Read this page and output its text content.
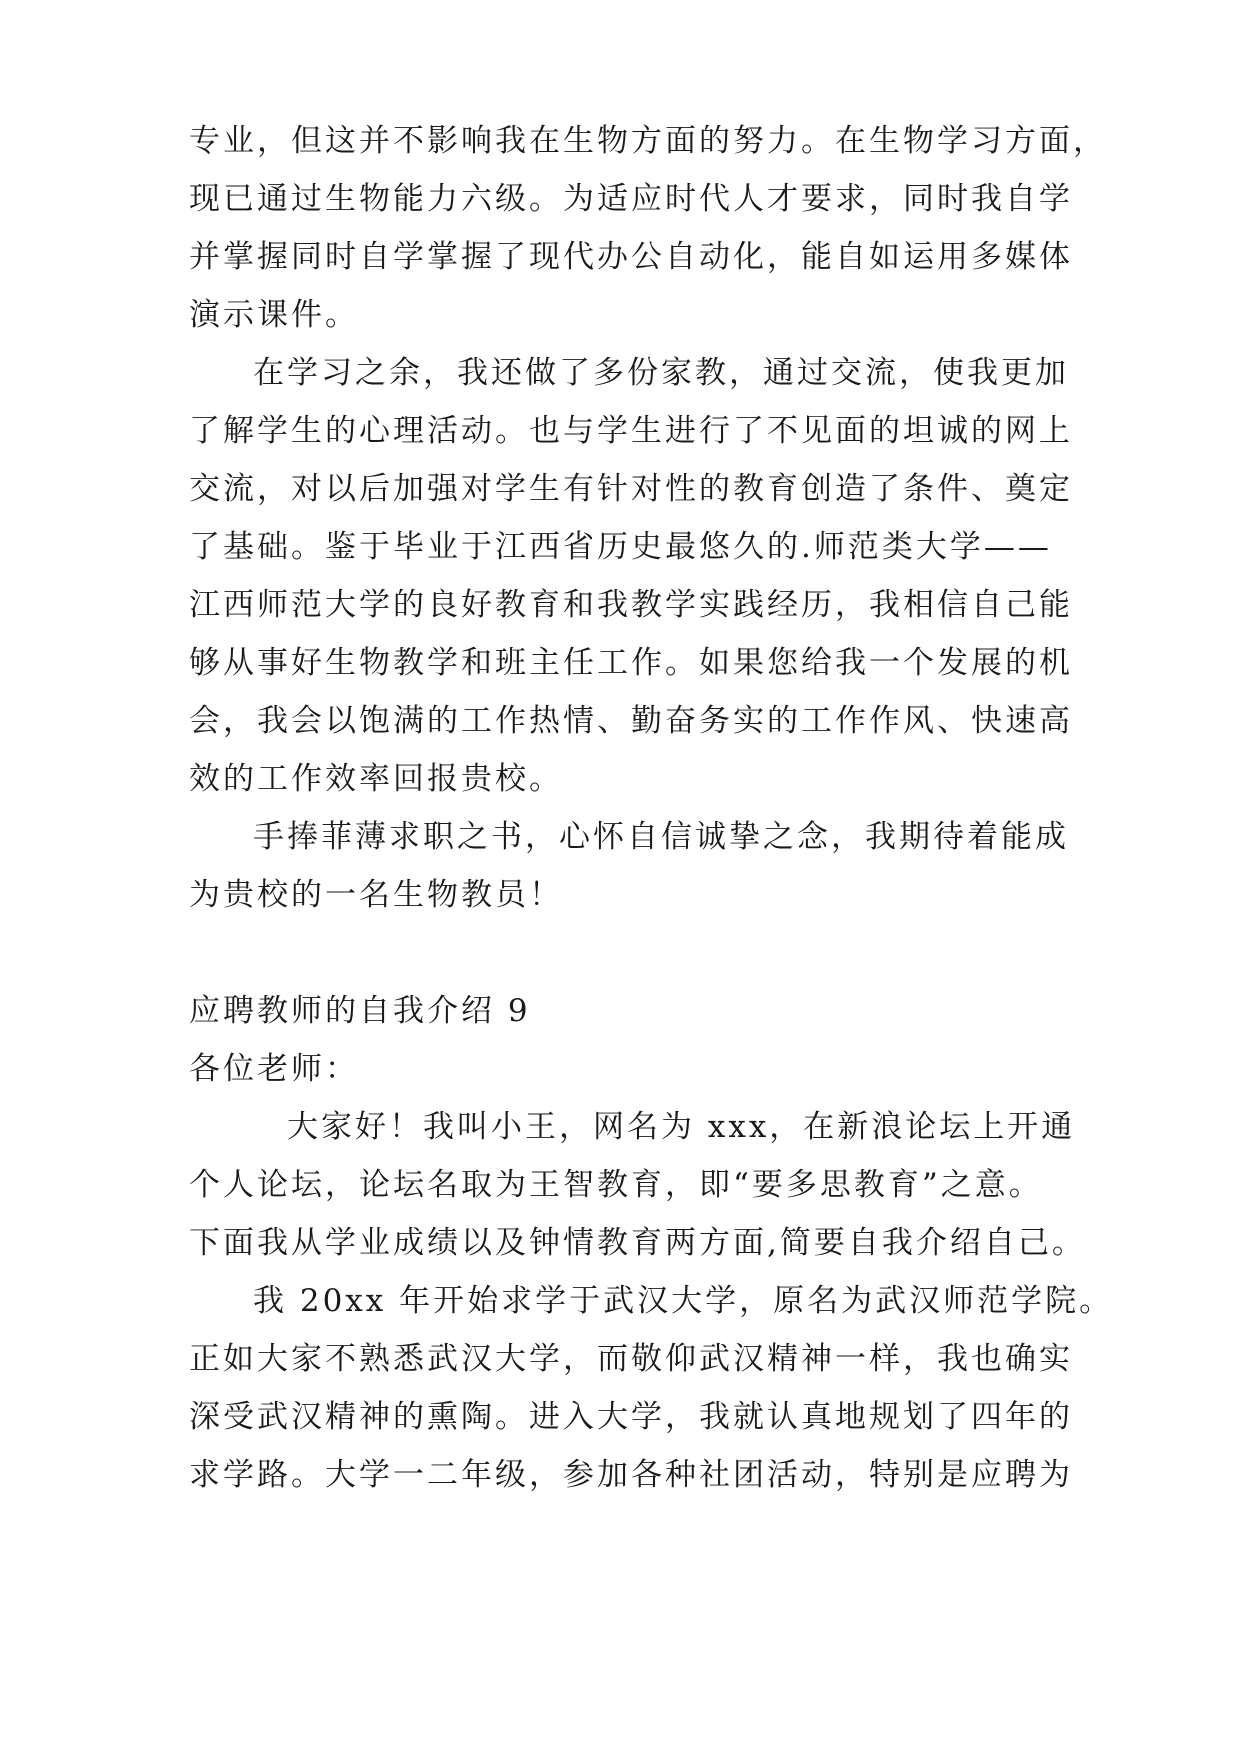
专业，但这并不影响我在生物方面的努力。在生物学习方面，
现已通过生物能力六级。为适应时代人才要求，同时我自学
并掌握同时自学掌握了现代办公自动化，能自如运用多媒体
演示课件。
在学习之余，我还做了多份家教，通过交流，使我更加
了解学生的心理活动。也与学生进行了不见面的坦诚的网上
交流，对以后加强对学生有针对性的教育创造了条件、奠定
了基础。鉴于毕业于江西省历史最悠久的.师范类大学——
江西师范大学的良好教育和我教学实践经历，我相信自己能
够从事好生物教学和班主任工作。如果您给我一个发展的机
会，我会以饱满的工作热情、勤奋务实的工作作风、快速高
效的工作效率回报贵校。
手捧菲薄求职之书，心怀自信诚挚之念，我期待着能成
为贵校的一名生物教员！
应聘教师的自我介绍 9
各位老师：
大家好！我叫小王，网名为 xxx，在新浪论坛上开通
个人论坛，论坛名取为王智教育，即“要多思教育”之意。
下面我从学业成绩以及钟情教育两方面,简要自我介绍自己。
我 20xx 年开始求学于武汉大学，原名为武汉师范学院。
正如大家不熟悉武汉大学，而敬仰武汉精神一样，我也确实
深受武汉精神的熏陶。进入大学，我就认真地规划了四年的
求学路。大学一二年级，参加各种社团活动，特别是应聘为
